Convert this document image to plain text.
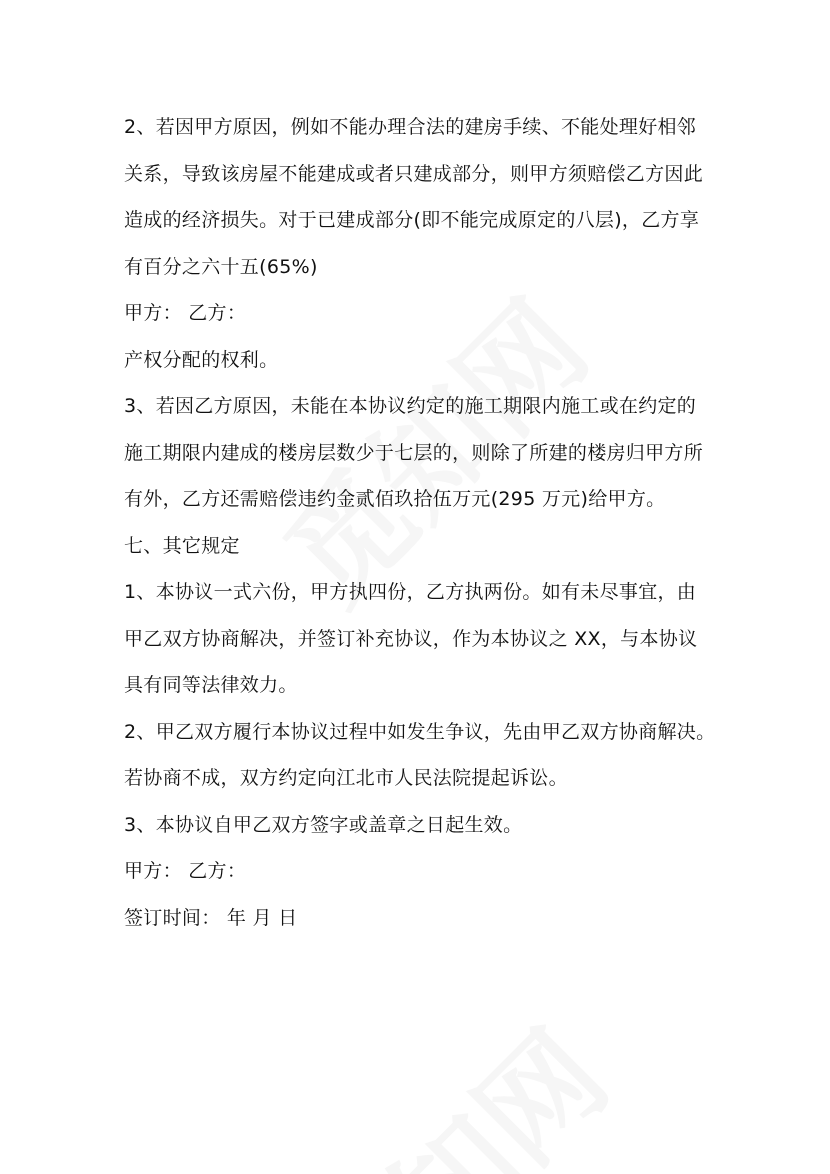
2、若因甲方原因，例如不能办理合法的建房手续、不能处理好相邻
关系，导致该房屋不能建成或者只建成部分，则甲方须赔偿乙方因此
造成的经济损失。对于已建成部分(即不能完成原定的八层)，乙方享
有百分之六十五(65%)
甲方： 乙方：
产权分配的权利。
3、若因乙方原因，未能在本协议约定的施工期限内施工或在约定的
施工期限内建成的楼房层数少于七层的，则除了所建的楼房归甲方所
有外，乙方还需赔偿违约金贰佰玖拾伍万元(295 万元)给甲方。
七、其它规定
1、本协议一式六份，甲方执四份，乙方执两份。如有未尽事宜，由
甲乙双方协商解决，并签订补充协议，作为本协议之 XX，与本协议
具有同等法律效力。
2、甲乙双方履行本协议过程中如发生争议，先由甲乙双方协商解决。
若协商不成，双方约定向江北市人民法院提起诉讼。
3、本协议自甲乙双方签字或盖章之日起生效。
甲方： 乙方：
签订时间： 年 月 日
